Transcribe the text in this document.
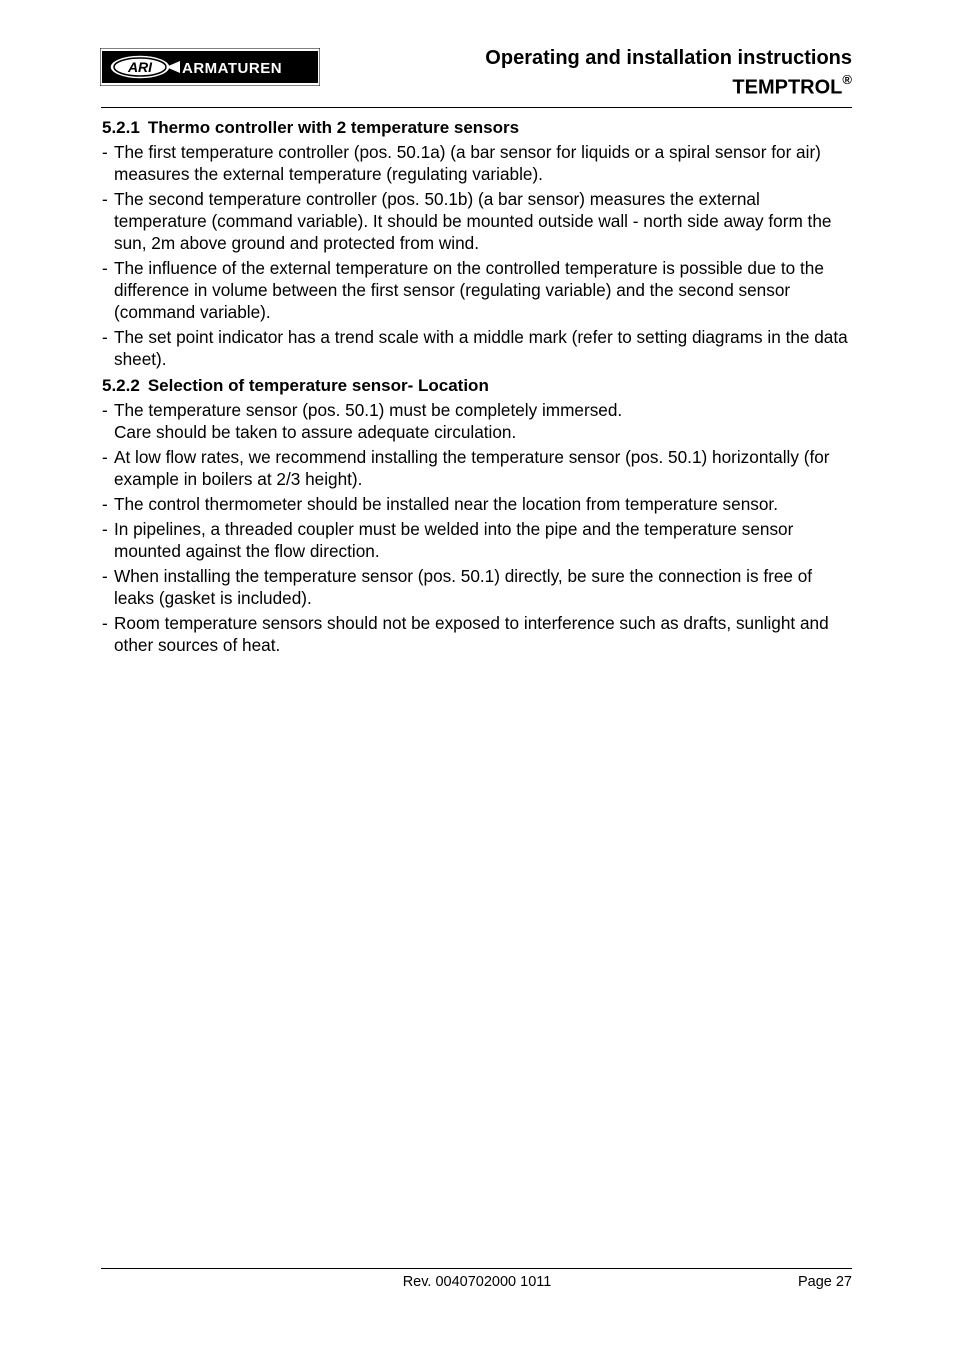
ARI ARMATUREN	Operating and installation instructions
TEMPTROL®
5.2.1 Thermo controller with 2 temperature sensors
- The first temperature controller (pos. 50.1a) (a bar sensor for liquids or a spiral sensor for air) measures the external temperature (regulating variable).
- The second temperature controller (pos. 50.1b) (a bar sensor) measures the external temperature (command variable). It should be mounted outside wall - north side away form the sun, 2m above ground and protected from wind.
- The influence of the external temperature on the controlled temperature is possible due to the difference in volume between the first sensor (regulating variable) and the second sensor (command variable).
- The set point indicator has a trend scale with a middle mark (refer to setting diagrams in the data sheet).
5.2.2 Selection of temperature sensor- Location
- The temperature sensor (pos. 50.1) must be completely immersed.
Care should be taken to assure adequate circulation.
- At low flow rates, we recommend installing the temperature sensor (pos. 50.1) horizontally (for example in boilers at 2/3 height).
- The control thermometer should be installed near the location from temperature sensor.
- In pipelines, a threaded coupler must be welded into the pipe and the temperature sensor mounted against the flow direction.
- When installing the temperature sensor (pos. 50.1) directly, be sure the connection is free of leaks (gasket is included).
- Room temperature sensors should not be exposed to interference such as drafts, sunlight and other sources of heat.
Rev. 0040702000 1011	Page 27
